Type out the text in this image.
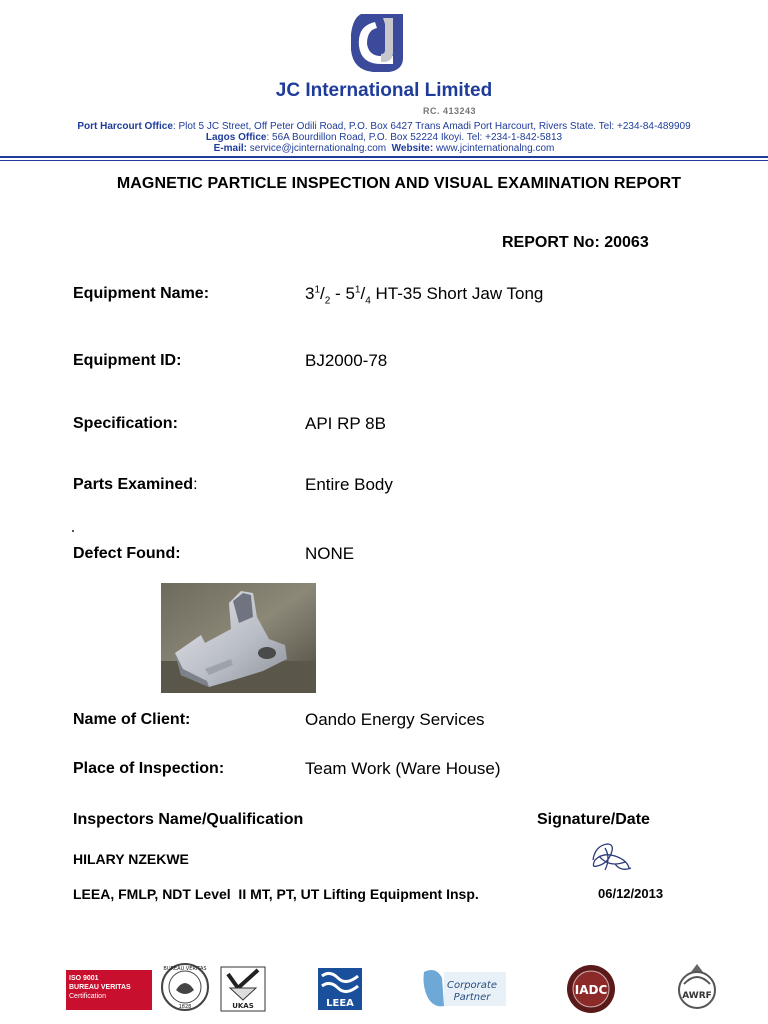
JC International Limited
RC. 413243
Port Harcourt Office: Plot 5 JC Street, Off Peter Odili Road, P.O. Box 6427 Trans Amadi Port Harcourt, Rivers State. Tel: +234-84-489909
Lagos Office: 56A Bourdillon Road, P.O. Box 52224 Ikoyi. Tel: +234-1-842-5813
E-mail: service@jcinternationalng.com Website: www.jcinternationalng.com
MAGNETIC PARTICLE INSPECTION AND VISUAL EXAMINATION REPORT
REPORT No: 20063
Equipment Name:	$3^1/_2 - 5^1/_4$ HT-35 Short Jaw Tong
Equipment ID:	BJ2000-78
Specification:	API RP 8B
Parts Examined:	Entire Body
Defect Found:	NONE
Name of Client:	Oando Energy Services
Place of Inspection:	Team Work (Ware House)
Inspectors Name/Qualification	Signature/Date
HILARY NZEKWE
LEEA, FMLP, NDT Level  II MT, PT, UT Lifting Equipment Insp.	06/12/2013
ISO 9001
BUREAU VERITAS
Certification
BUREAU VERITAS
1828	UKAS	LEEA
Corporate
Partner
IADC	AWRF
